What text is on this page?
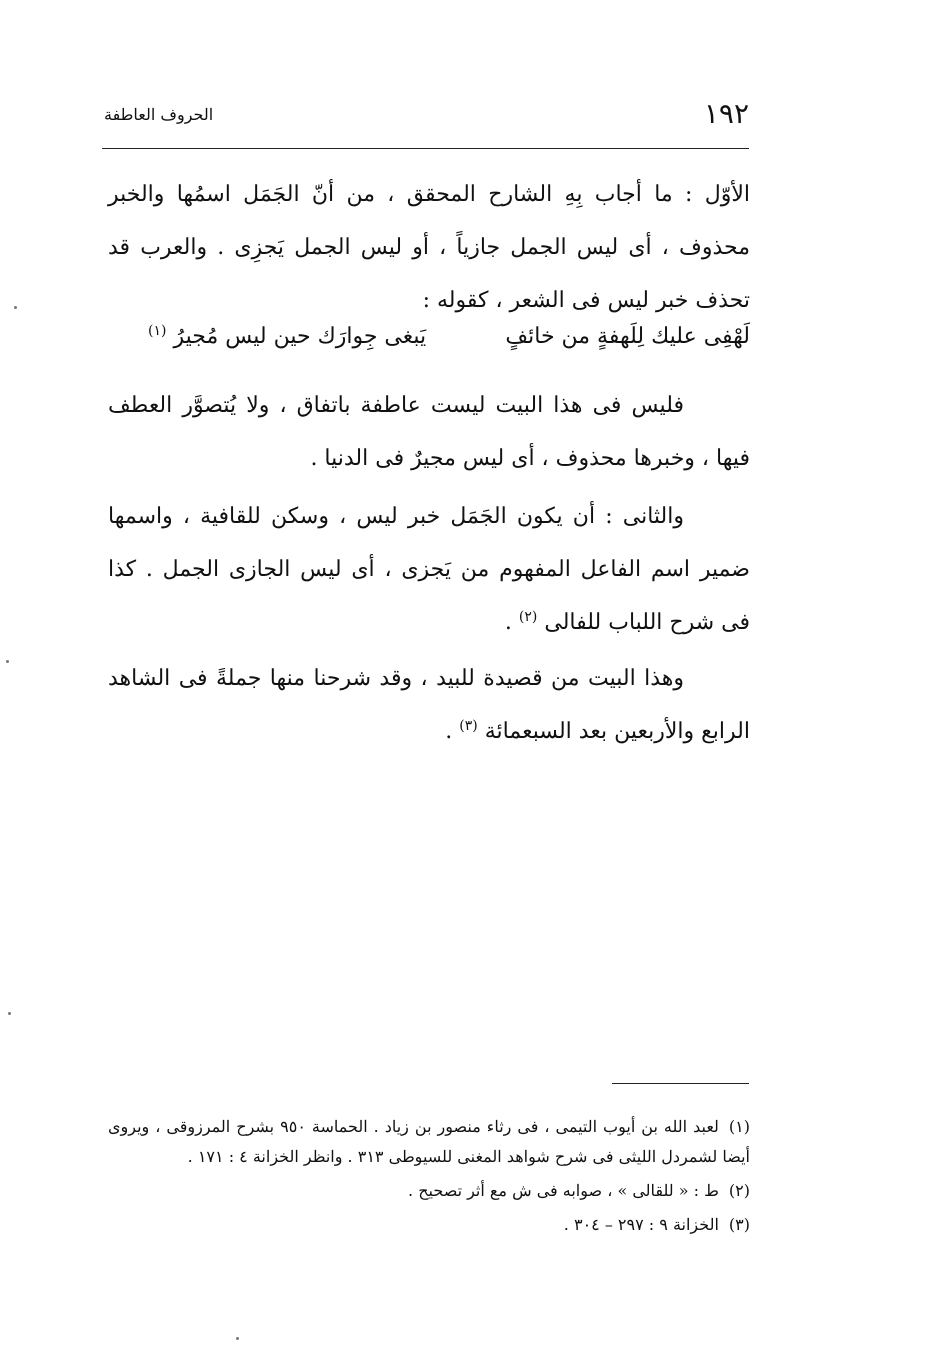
١٩٢
الحروف العاطفة

الأوّل : ما أجاب بِهِ الشارح المحقق ، من أنّ الجَمَل اسمُها والخبر محذوف ، أى ليس الجمل جازياً ، أو ليس الجمل يَجزِى . والعرب قد تحذف خبر ليس فى الشعر ، كقوله :

لَهْفِى عليك لِلَهفةٍ من خائفٍ
يَبغى جِوارَك حين ليس مُجيرُ $^{(١)}$

فليس فى هذا البيت ليست عاطفة باتفاق ، ولا يُتصوَّر العطف فيها ، وخبرها محذوف ، أى ليس مجيرٌ فى الدنيا .

والثانى : أن يكون الجَمَل خبر ليس ، وسكن للقافية ، واسمها ضمير اسم الفاعل المفهوم من يَجزى ، أى ليس الجازى الجمل . كذا فى شرح اللباب للفالى $^{(٢)}$ .

وهذا البيت من قصيدة للبيد ، وقد شرحنا منها جملةً فى الشاهد الرابع والأربعين بعد السبعمائة $^{(٣)}$ .

(١)لعبد الله بن أيوب التيمى ، فى رثاء منصور بن زياد . الحماسة ٩٥٠ بشرح المرزوقى ، ويروى أيضا لشمردل الليثى فى شرح شواهد المغنى للسيوطى ٣١٣ . وانظر الخزانة ٤ : ١٧١ .

(٢)ط : « للقالى » ، صوابه فى ش مع أثر تصحيح .

(٣)الخزانة ٩ : ٢٩٧ – ٣٠٤ .
